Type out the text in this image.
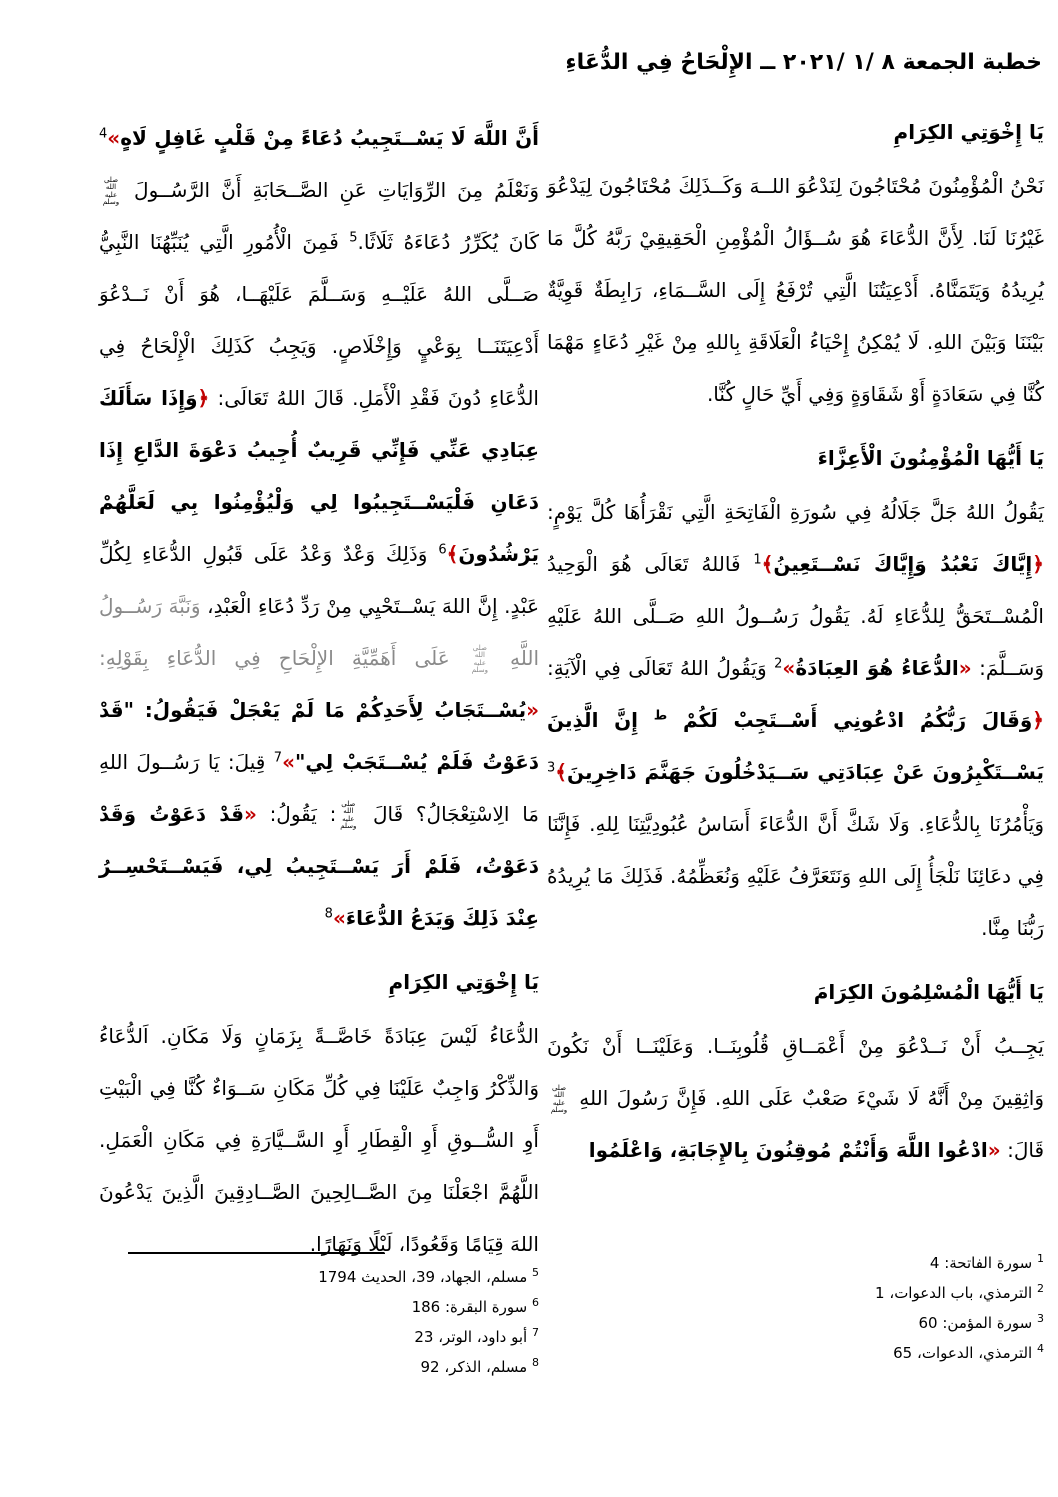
خطبة الجمعة ٨ /١ /٢٠٢١ ــ الإِلْحَاحُ فِي الدُّعَاءِ
يَا إِخْوَتِي الكِرَامِ
نَحْنُ الْمُؤْمِنُونَ مُحْتَاجُونَ لِنَدْعُوَ اللــهَ وَكَــذَلِكَ مُحْتَاجُونَ لِيَدْعُوَ غَيْرُنَا لَنَا. لِأَنَّ الدُّعَاءَ هُوَ سُــؤَالُ الْمُؤْمِنِ الْحَقِيقِيْ رَبَّهُ كُلَّ مَا يُرِيدُهُ وَيَتَمَنَّاهُ. أَدْعِيَتُنَا الَّتِي تُرْفَعُ إِلَى السَّــمَاءِ، رَابِطَةٌ قَوِيَّةٌ بَيْنَنَا وَبَيْنَ اللهِ. لَا يُمْكِنُ إِحْيَاءُ الْعَلَاقَةِ بِاللهِ مِنْ غَيْرِ دُعَاءٍ مَهْمَا كُنَّا فِي سَعَادَةٍ أَوْ شَقَاوَةٍ وَفِي أَيِّ حَالٍ كُنَّا.
يَا أَيُّهَا الْمُؤْمِنُونَ الْأَعِزَّاءَ
يَقُولُ اللهُ جَلَّ جَلَالُهُ فِي سُورَةِ الْفَاتِحَةِ الَّتِي نَقْرَأُهَا كُلَّ يَوْمٍ: ﴿إِيَّاكَ نَعْبُدُ وَإِيَّاكَ نَسْــتَعِينُ﴾$^1$ فَاللهُ تَعَالَى هُوَ الْوَحِيدُ الْمُسْــتَحَقُّ لِلدُّعَاءِ لَهُ. يَقُولُ رَسُــولُ اللهِ صَــلَّى اللهُ عَلَيْهِ وَسَــلَّمَ: «الدُّعَاءُ هُوَ العِبَادَةُ»$^2$ وَيَقُولُ اللهُ تَعَالَى فِي الْآيَةِ: ﴿وَقَالَ رَبُّكُمُ ادْعُونِي أَسْــتَجِبْ لَكُمْ $^ط$ إِنَّ الَّذِينَ يَسْــتَكْبِرُونَ عَنْ عِبَادَتِي سَــيَدْخُلُونَ جَهَنَّمَ دَاخِرِينَ﴾$^3$ وَيَأْمُرُنَا بِالدُّعَاءِ. وَلَا شَكَّ أَنَّ الدُّعَاءَ أَسَاسُ عُبُودِيَّتِنَا لِلهِ. فَإِنَّنَا فِي دعَائِنَا نَلْجَأُ إِلَى اللهِ وَنَتَعَرَّفُ عَلَيْهِ وَنُعَظِّمُهُ. فَذَلِكَ مَا يُرِيدُهُ رَبُّنَا مِنَّا.
يَا أَيُّهَا الْمُسْلِمُونَ الكِرَامَ
يَجِــبُ أَنْ نَــدْعُوَ مِنْ أَعْمَــاقِ قُلُوبِنَــا. وَعَلَيْنَــا أَنْ نَكُونَ وَاثِقِينَ مِنْ أَنَّهُ لَا شَيْءَ صَعْبٌ عَلَى اللهِ. فَإِنَّ رَسُولَ اللهِ صلى الله عليه وسلم قَالَ: «ادْعُوا اللَّهَ وَأَنْتُمْ مُوقِنُونَ بِالإِجَابَةِ، وَاعْلَمُوا
أَنَّ اللَّهَ لَا يَسْــتَجِيبُ دُعَاءً مِنْ قَلْبٍ غَافِلٍ لَاهٍ»$^4$ وَنَعْلَمُ مِنَ الرِّوَايَاتِ عَنِ الصَّــحَابَةِ أَنَّ الرَّسُــولَ صلى الله عليه وسلم كَانَ يُكَرِّرُ دُعَاءَهُ ثَلَاثًا.$^5$ فَمِنَ الْأُمُورِ الَّتِي يُنَبِّهُنَا النَّبِيُّ صَــلَّى اللهُ عَلَيْــهِ وَسَــلَّمَ عَلَيْهَــا، هُوَ أَنْ نَــدْعُوَ أَدْعِيَتَنَــا بِوَعْيٍ وَإِخْلَاصٍ. وَيَجِبُ كَذَلِكَ الْإِلْحَاحُ فِي الدُّعَاءِ دُونَ فَقْدِ الْأَمَلِ. قَالَ اللهُ تَعَالَى: ﴿وَإِذَا سَأَلَكَ عِبَادِي عَنِّي فَإِنِّي قَرِيبٌ أُجِيبُ دَعْوَةَ الدَّاعِ إِذَا دَعَانِ فَلْيَسْــتَجِيبُوا لِي وَلْيُؤْمِنُوا بِي لَعَلَّهُمْ يَرْشُدُونَ﴾$^6$ وَذَلِكَ وَعْدٌ وَعْدُ عَلَى قَبُولِ الدُّعَاءِ لِكُلِّ عَبْدٍ. إِنَّ اللهَ يَسْــتَحْيِي مِنْ رَدِّ دُعَاءِ الْعَبْدِ، وَنَبَّهَ رَسُــولُ اللَّهِ صلى الله عليه وسلم عَلَى أَهَمِّيَّةِ الإِلْحَاحِ فِي الدُّعَاءِ بِقَوْلِهِ: «يُسْــتَجَابُ لِأَحَدِكُمْ مَا لَمْ يَعْجَلْ فَيَقُولُ: "قَدْ دَعَوْتُ فَلَمْ يُسْــتَجَبْ لِي"»$^7$ قِيلَ: يَا رَسُــولَ اللهِ مَا الِاسْتِعْجَالُ؟ قَالَ صلى الله عليه وسلم: يَقُولُ: «قَدْ دَعَوْتُ وَقَدْ دَعَوْتُ، فَلَمْ أَرَ يَسْــتَجِيبُ لِي، فَيَسْــتَحْسِــرُ عِنْدَ ذَلِكَ وَيَدَعُ الدُّعَاءَ»$^8$
يَا إِخْوَتِي الكِرَامِ
الدُّعَاءُ لَيْسَ عِبَادَةً خَاصَّــةً بِزَمَانٍ وَلَا مَكَانِ. اَلدُّعَاءُ وَالذِّكْرُ وَاجِبٌ عَلَيْنَا فِي كُلِّ مَكَانِ سَــوَاءٌ كُنَّا فِي الْبَيْتِ أَوِ السُّــوقِ أَوِ الْقِطَارِ أَوِ السَّــيَّارَةِ فِي مَكَانِ الْعَمَلِ. اللَّهُمَّ اجْعَلْنَا مِنَ الصَّــالِحِينَ الصَّــادِقِينَ الَّذِينَ يَدْعُونَ اللهَ قِيَامًا وَقَعُودًا، لَيْلًا وَنَهَارًا.
$^1$ سورة الفاتحة: 4
$^2$ الترمذي، باب الدعوات، 1
$^3$ سورة المؤمن: 60
$^4$ الترمذي، الدعوات، 65
$^5$ مسلم، الجهاد، 39، الحديث 1794
$^6$ سورة البقرة: 186
$^7$ أبو داود، الوتر، 23
$^8$ مسلم، الذكر، 92
